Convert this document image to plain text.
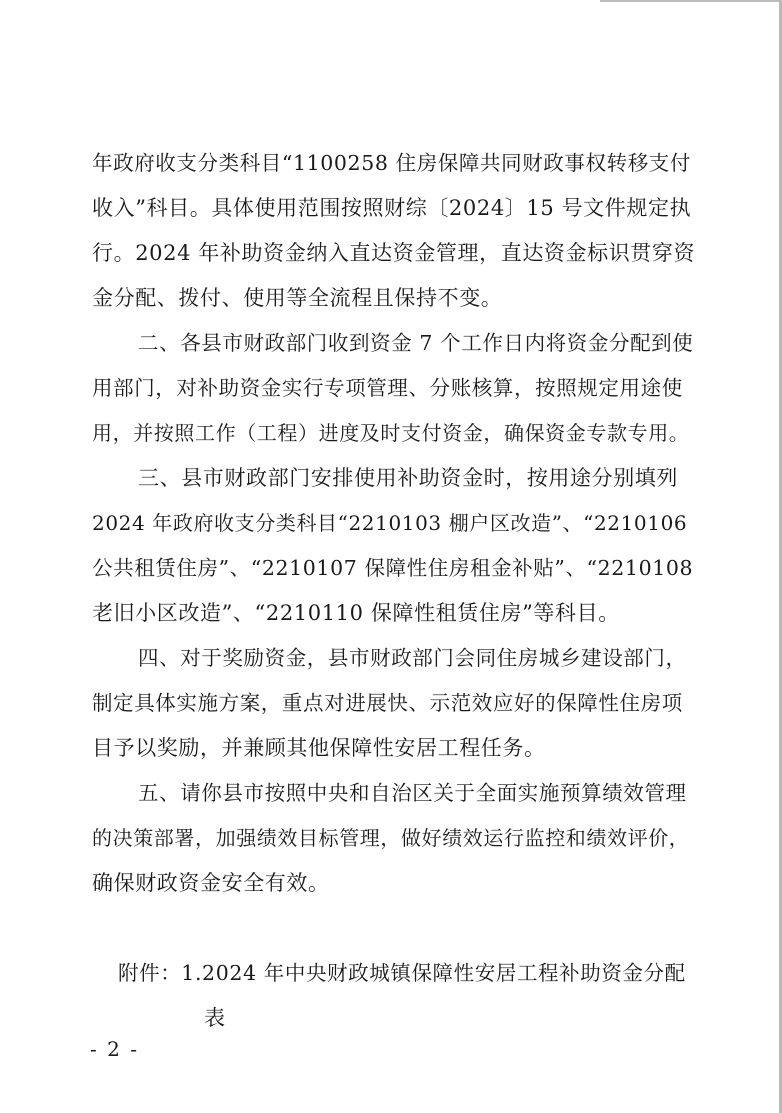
年政府收支分类科目“1100258 住房保障共同财政事权转移支付
收入”科目。具体使用范围按照财综〔2024〕15 号文件规定执
行。2024 年补助资金纳入直达资金管理，直达资金标识贯穿资
金分配、拨付、使用等全流程且保持不变。
二、各县市财政部门收到资金 7 个工作日内将资金分配到使
用部门，对补助资金实行专项管理、分账核算，按照规定用途使
用，并按照工作（工程）进度及时支付资金，确保资金专款专用。
三、县市财政部门安排使用补助资金时，按用途分别填列
2024 年政府收支分类科目“2210103 棚户区改造”、“2210106
公共租赁住房”、“2210107 保障性住房租金补贴”、“2210108
老旧小区改造”、“2210110 保障性租赁住房”等科目。
四、对于奖励资金，县市财政部门会同住房城乡建设部门，
制定具体实施方案，重点对进展快、示范效应好的保障性住房项
目予以奖励，并兼顾其他保障性安居工程任务。
五、请你县市按照中央和自治区关于全面实施预算绩效管理
的决策部署，加强绩效目标管理，做好绩效运行监控和绩效评价，
确保财政资金安全有效。
附件：1.2024 年中央财政城镇保障性安居工程补助资金分配
表
- 2 -
